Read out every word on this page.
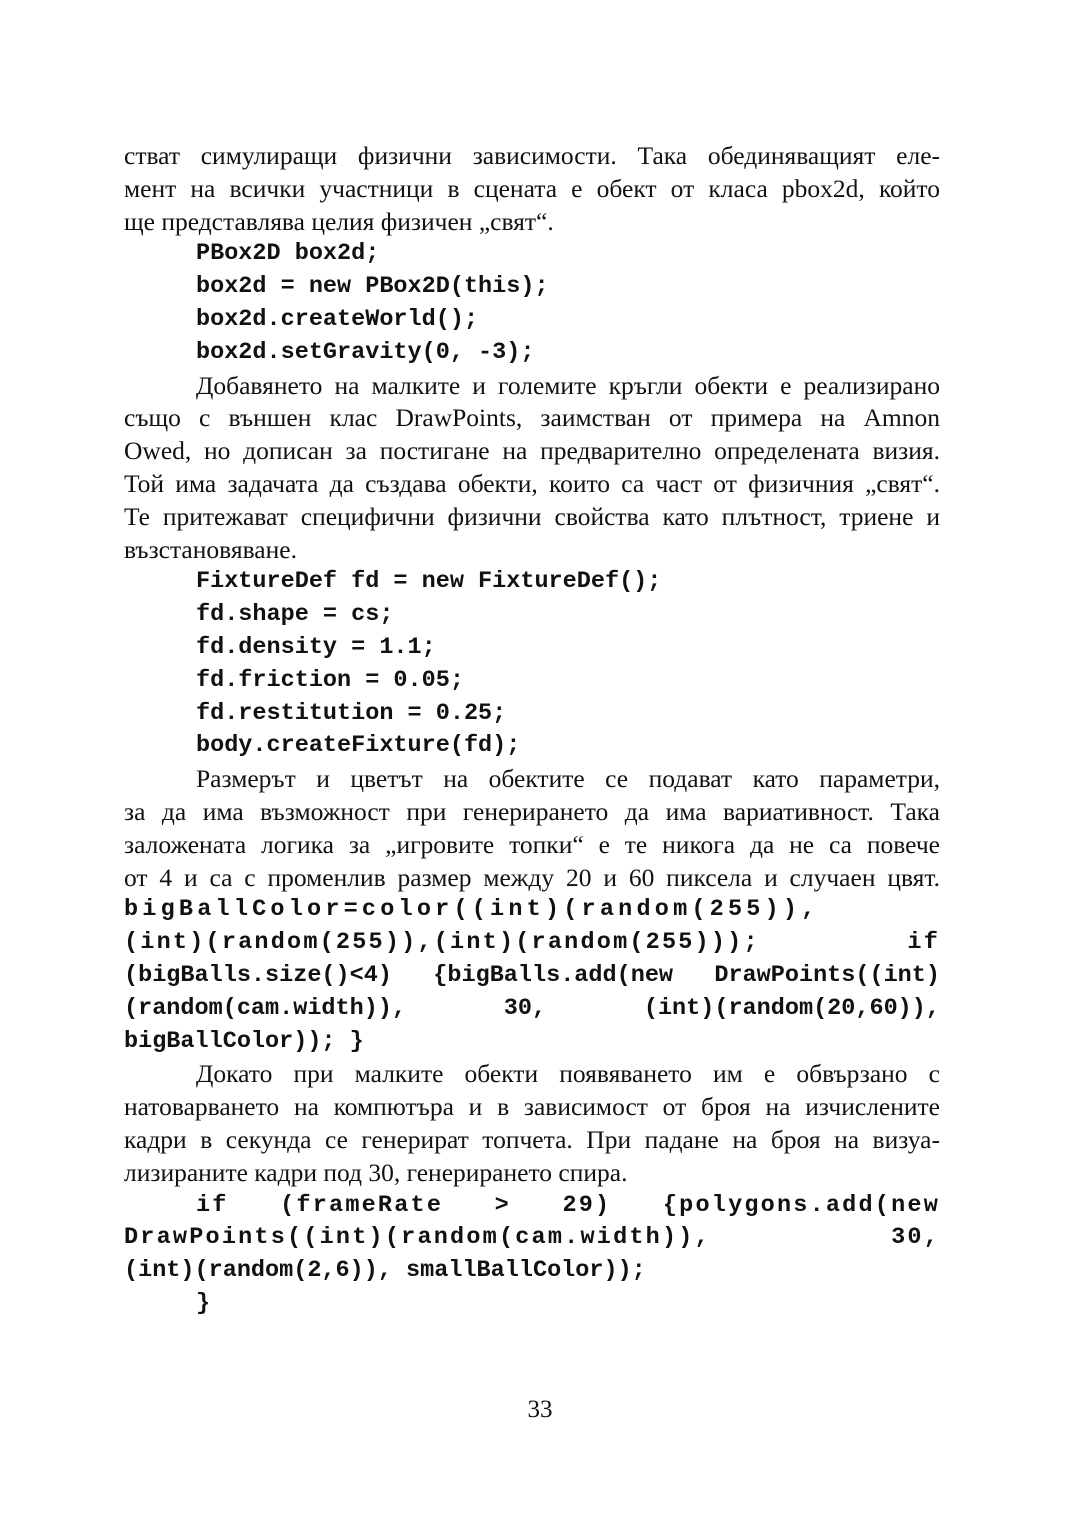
стват симулиращи физични зависимости. Така обединяващият еле-
мент на всички участници в сцената е обект от класа pbox2d, който
ще представлява целия физичен „свят“.
PBox2D box2d;
box2d = new PBox2D(this);
box2d.createWorld();
box2d.setGravity(0, -3);
Добавянето на малките и големите кръгли обекти е реализирано
също с външен клас DrawPoints, заимстван от примера на Amnon
Owed, но дописан за постигане на предварително определената визия.
Той има задачата да създава обекти, които са част от физичния „свят“.
Те притежават специфични физични свойства като плътност, триене и
възстановяване.
FixtureDef fd = new FixtureDef();
fd.shape = cs;
fd.density = 1.1;
fd.friction = 0.05;
fd.restitution = 0.25;
body.createFixture(fd);
Размерът и цветът на обектите се подават като параметри,
за да има възможност при генерирането да има вариативност. Така
заложената логика за „игровите топки“ е те никога да не са повече
от 4 и са с променлив размер между 20 и 60 пиксела и случаен цвят.
bigBallColor=color((int)(random(255)),
(int)(random(255)),(int)(random(255))); if
(bigBalls.size()<4) {bigBalls.add(new DrawPoints((int)
(random(cam.width)), 30, (int)(random(20,60)),
bigBallColor)); }
Докато при малките обекти появяването им е обвързано с
натоварването на компютъра и в зависимост от броя на изчислените
кадри в секунда се генерират топчета. При падане на броя на визуа-
лизираните кадри под 30, генерирането спира.
if (frameRate > 29) {polygons.add(new
DrawPoints((int)(random(cam.width)), 30,
(int)(random(2,6)), smallBallColor));
}
33
